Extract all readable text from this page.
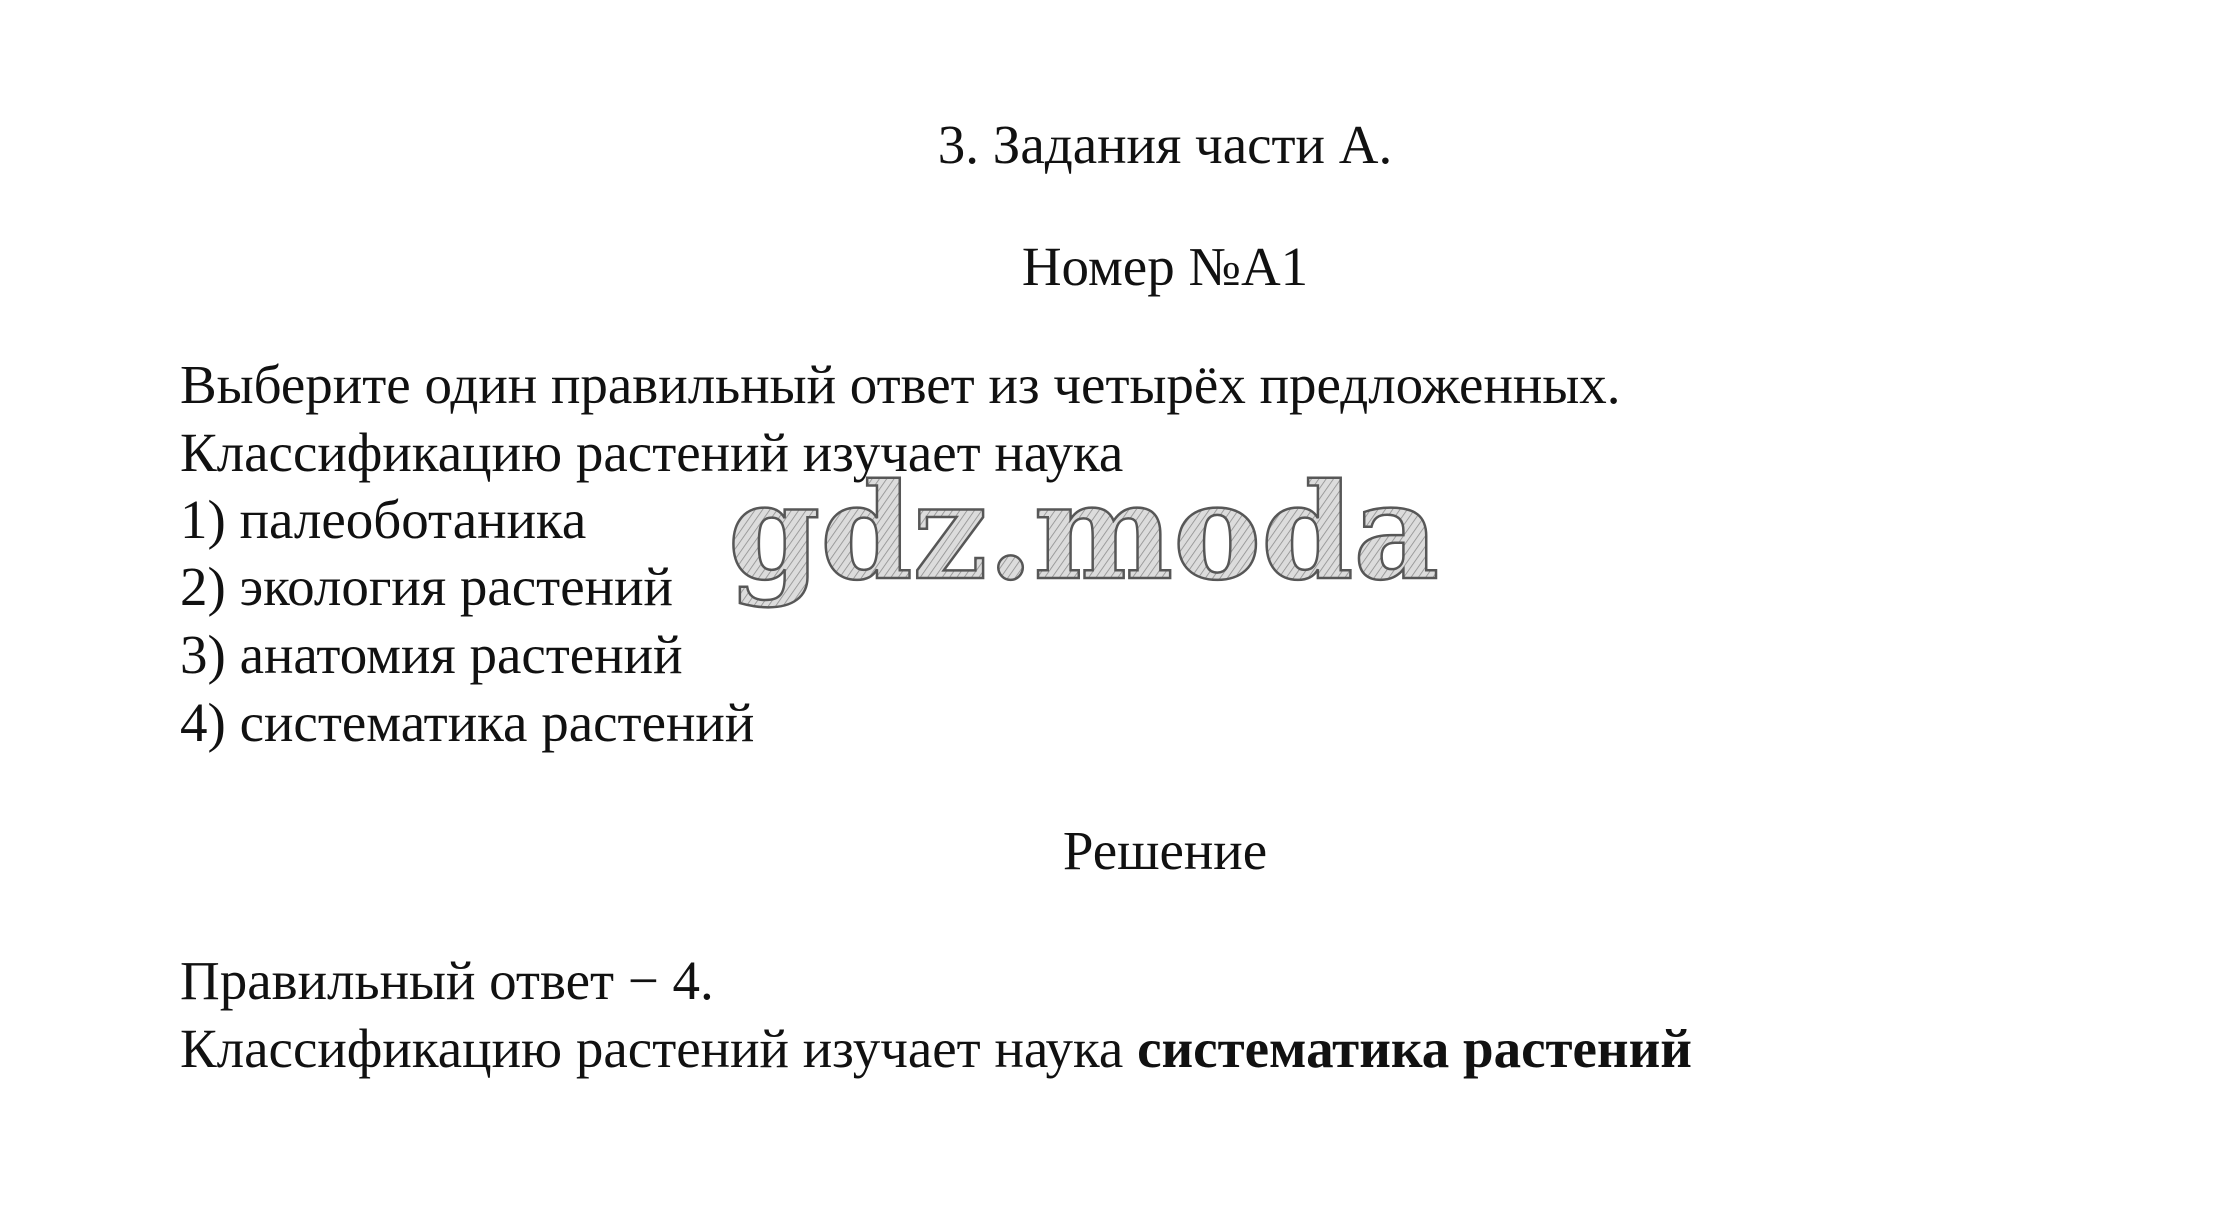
3. Задания части А.

Номер №А1

Выберите один правильный ответ из четырёх предложенных.

Классификацию растений изучает наука

1) палеоботаника

2) экология растений

3) анатомия растений

4) систематика растений

Решение

Правильный ответ − 4.

Классификацию растений изучает наука систематика растений

gdz.moda
